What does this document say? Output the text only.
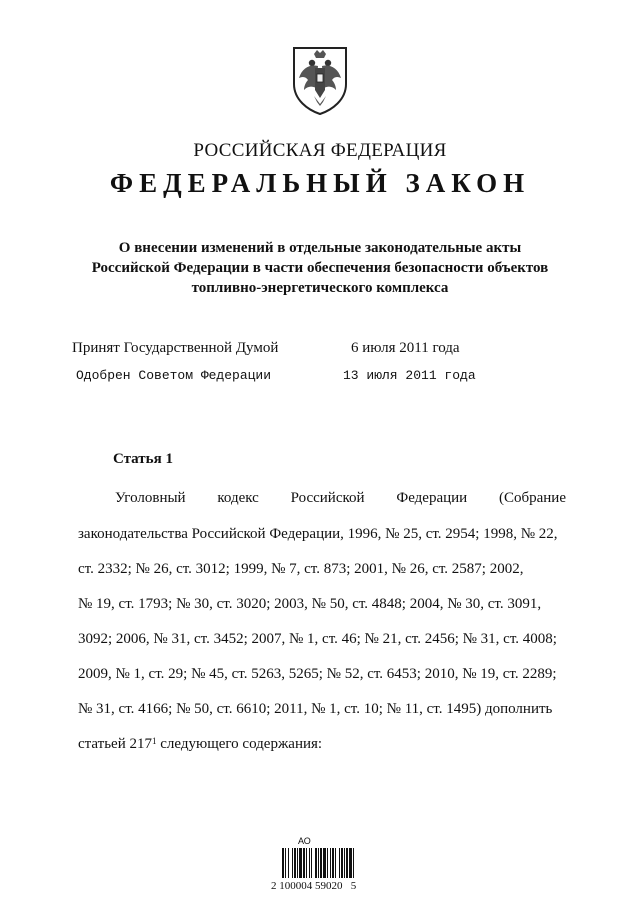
РОССИЙСКАЯ ФЕДЕРАЦИЯ
ФЕДЕРАЛЬНЫЙ ЗАКОН
О внесении изменений в отдельные законодательные акты
Российской Федерации в части обеспечения безопасности объектов
топливно-энергетического комплекса
Принят Государственной Думой	6 июля 2011 года
Одобрен Советом Федерации	13 июля 2011 года
Статья 1
Уголовный кодекс Российской Федерации (Собрание
законодательства Российской Федерации, 1996, № 25, ст. 2954; 1998, № 22,
ст. 2332; № 26, ст. 3012; 1999, № 7, ст. 873; 2001, № 26, ст. 2587; 2002,
№ 19, ст. 1793; № 30, ст. 3020; 2003, № 50, ст. 4848; 2004, № 30, ст. 3091,
3092; 2006, № 31, ст. 3452; 2007, № 1, ст. 46; № 21, ст. 2456; № 31, ст. 4008;
2009, № 1, ст. 29; № 45, ст. 5263, 5265; № 52, ст. 6453; 2010, № 19, ст. 2289;
№ 31, ст. 4166; № 50, ст. 6610; 2011, № 1, ст. 10; № 11, ст. 1495) дополнить
статьей 217 1 следующего содержания:
АО
2 100004 59020   5
